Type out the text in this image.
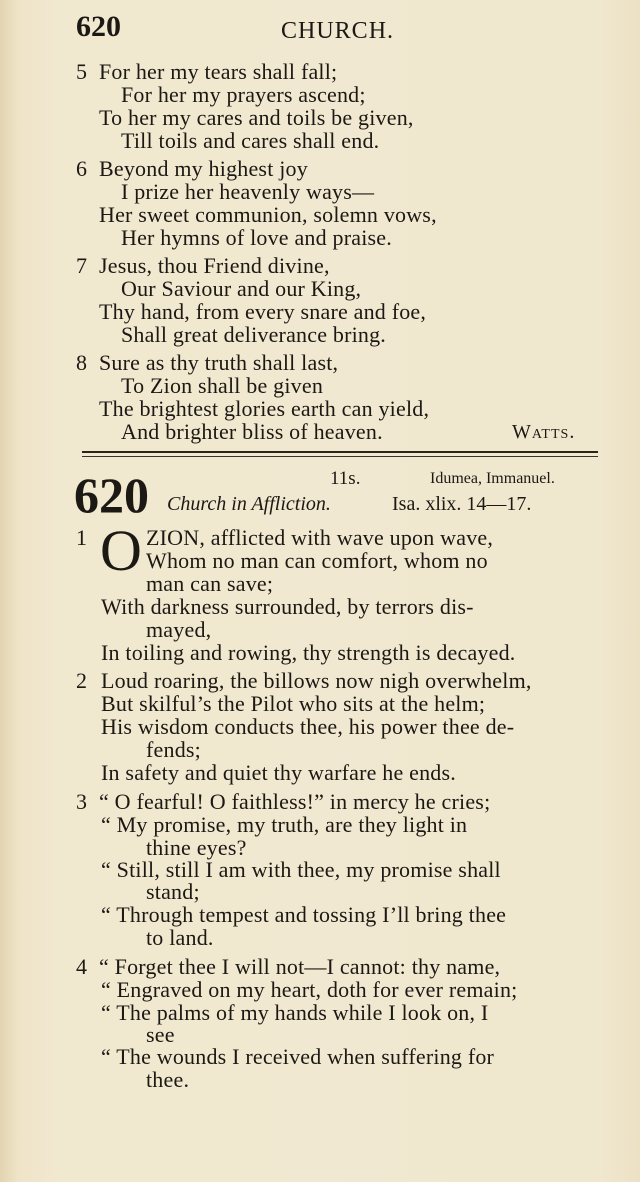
620	CHURCH.
5 For her my tears shall fall;
For her my prayers ascend;
To her my cares and toils be given,
Till toils and cares shall end.
6 Beyond my highest joy
I prize her heavenly ways—
Her sweet communion, solemn vows,
Her hymns of love and praise.
7 Jesus, thou Friend divine,
Our Saviour and our King,
Thy hand, from every snare and foe,
Shall great deliverance bring.
8 Sure as thy truth shall last,
To Zion shall be given
The brightest glories earth can yield,
And brighter bliss of heaven.	Watts.
620	11s.	Idumea, Immanuel.
Church in Affliction.	Isa. xlix. 14—17.
1 O ZION, afflicted with wave upon wave,
Whom no man can comfort, whom no
man can save;
With darkness surrounded, by terrors dis-
mayed,
In toiling and rowing, thy strength is decayed.
2 Loud roaring, the billows now nigh overwhelm,
But skilful’s the Pilot who sits at the helm;
His wisdom conducts thee, his power thee de-
fends;
In safety and quiet thy warfare he ends.
3 “ O fearful! O faithless!” in mercy he cries;
“ My promise, my truth, are they light in
thine eyes?
“ Still, still I am with thee, my promise shall
stand;
“ Through tempest and tossing I’ll bring thee
to land.
4 “ Forget thee I will not—I cannot: thy name,
“ Engraved on my heart, doth for ever remain;
“ The palms of my hands while I look on, I
see
“ The wounds I received when suffering for
thee.
